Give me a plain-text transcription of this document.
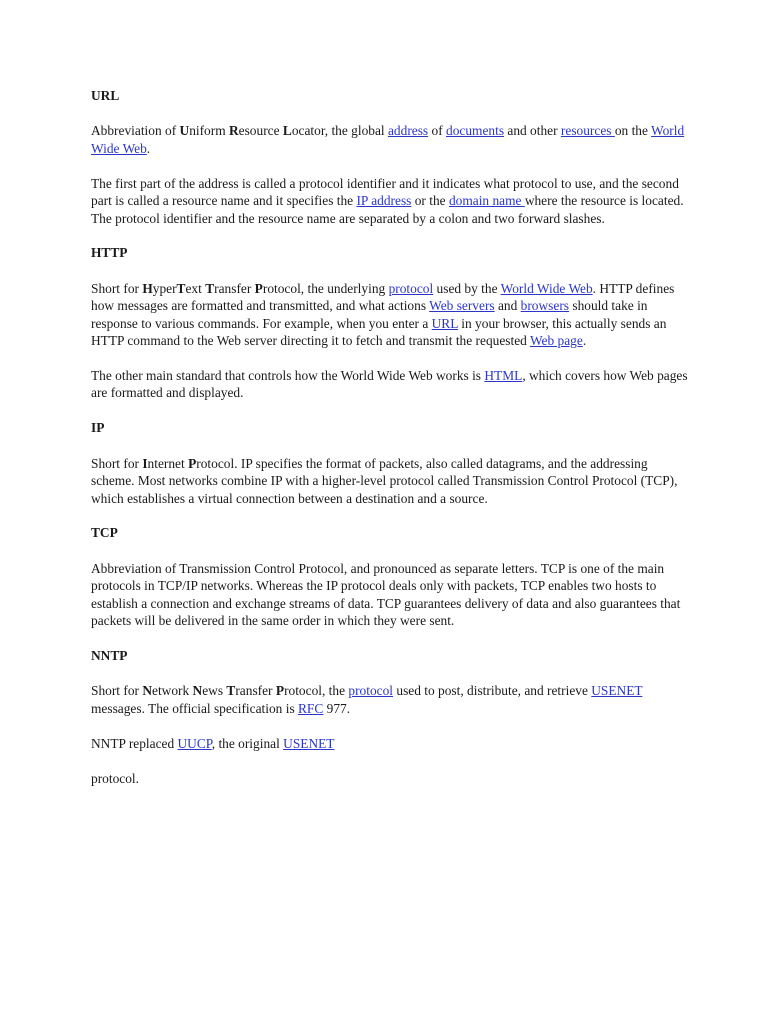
URL

Abbreviation of Uniform Resource Locator, the global address of documents and other resources on the World Wide Web.

The first part of the address is called a protocol identifier and it indicates what protocol to use, and the second part is called a resource name and it specifies the IP address or the domain name where the resource is located. The protocol identifier and the resource name are separated by a colon and two forward slashes.

HTTP

Short for HyperText Transfer Protocol, the underlying protocol used by the World Wide Web. HTTP defines how messages are formatted and transmitted, and what actions Web servers and browsers should take in response to various commands. For example, when you enter a URL in your browser, this actually sends an HTTP command to the Web server directing it to fetch and transmit the requested Web page.

The other main standard that controls how the World Wide Web works is HTML, which covers how Web pages are formatted and displayed.

IP

Short for Internet Protocol. IP specifies the format of packets, also called datagrams, and the addressing scheme. Most networks combine IP with a higher-level protocol called Transmission Control Protocol (TCP), which establishes a virtual connection between a destination and a source.

TCP

Abbreviation of Transmission Control Protocol, and pronounced as separate letters. TCP is one of the main protocols in TCP/IP networks. Whereas the IP protocol deals only with packets, TCP enables two hosts to establish a connection and exchange streams of data. TCP guarantees delivery of data and also guarantees that packets will be delivered in the same order in which they were sent.

NNTP

Short for Network News Transfer Protocol, the protocol used to post, distribute, and retrieve USENET messages. The official specification is RFC 977.

NNTP replaced UUCP, the original USENET

protocol.
